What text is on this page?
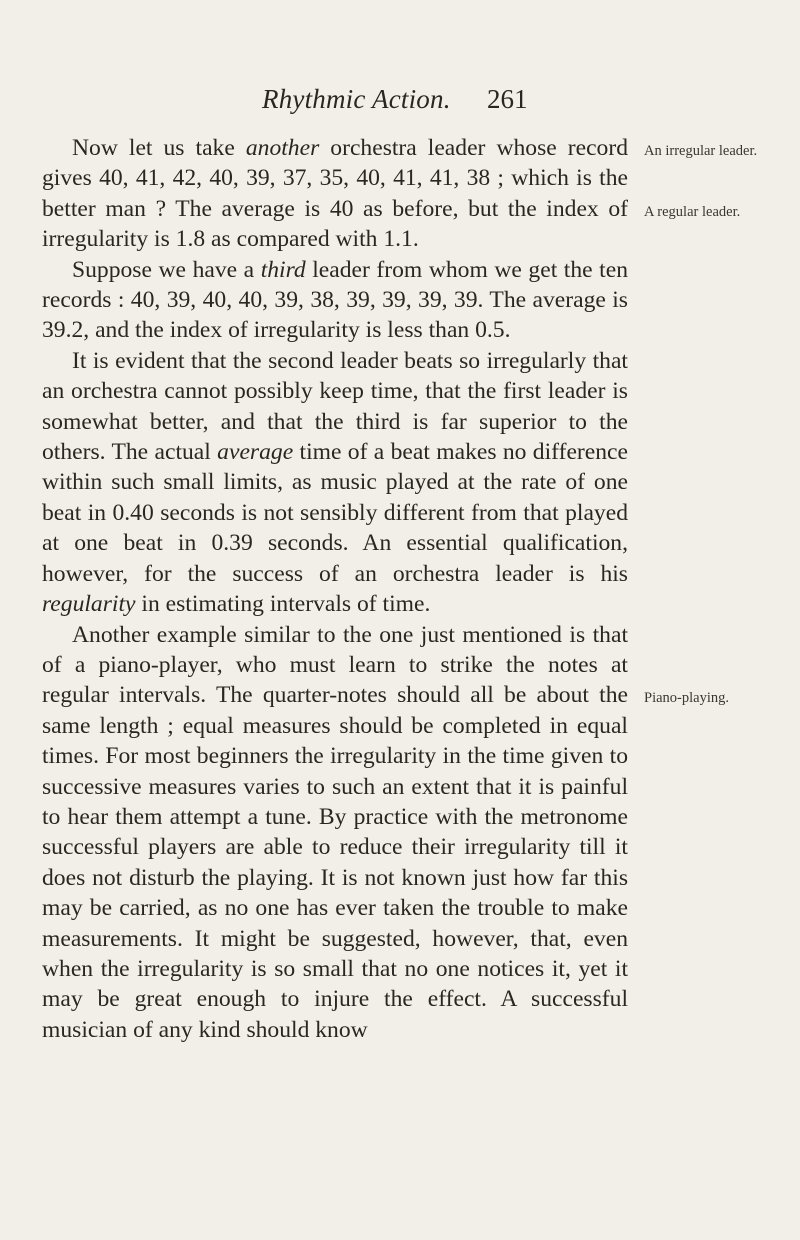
Rhythmic Action. 261

Now let us take another orchestra leader whose record gives 40, 41, 42, 40, 39, 37, 35, 40, 41, 41, 38 ; which is the better man ? The average is 40 as before, but the index of irregularity is 1.8 as compared with 1.1.

Suppose we have a third leader from whom we get the ten records : 40, 39, 40, 40, 39, 38, 39, 39, 39, 39. The average is 39.2, and the index of irregularity is less than 0.5.

It is evident that the second leader beats so irregularly that an orchestra cannot possibly keep time, that the first leader is somewhat better, and that the third is far superior to the others. The actual average time of a beat makes no difference within such small limits, as music played at the rate of one beat in 0.40 seconds is not sensibly different from that played at one beat in 0.39 seconds. An essential qualification, however, for the success of an orchestra leader is his regularity in estimating intervals of time.

Another example similar to the one just mentioned is that of a piano-player, who must learn to strike the notes at regular intervals. The quarter-notes should all be about the same length ; equal measures should be completed in equal times. For most beginners the irregularity in the time given to successive measures varies to such an extent that it is painful to hear them attempt a tune. By practice with the metronome successful players are able to reduce their irregularity till it does not disturb the playing. It is not known just how far this may be carried, as no one has ever taken the trouble to make measurements. It might be suggested, however, that, even when the irregularity is so small that no one notices it, yet it may be great enough to injure the effect. A successful musician of any kind should know

An irregular leader.
A regular leader.
Piano-playing.
